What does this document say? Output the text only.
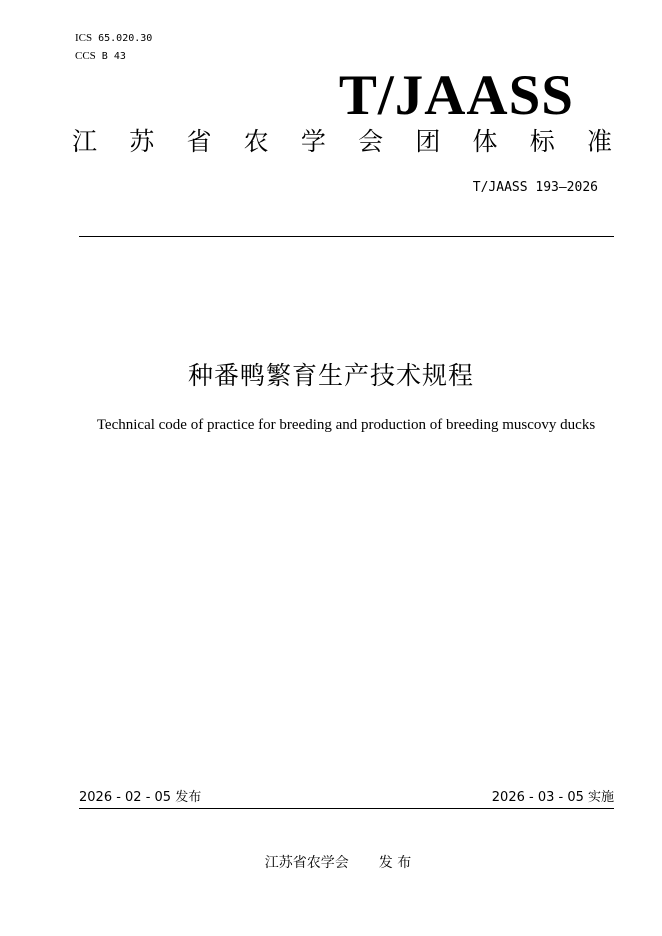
ICS 65.020.30
CCS B 43
T/JAASS
江 苏 省 农 学 会 团 体 标 准
T/JAASS 193—2026
种番鸭繁育生产技术规程
Technical code of practice for breeding and production of breeding muscovy ducks
2026 - 02 - 05 发布	2026 - 03 - 05 实施
江苏省农学会 发 布
